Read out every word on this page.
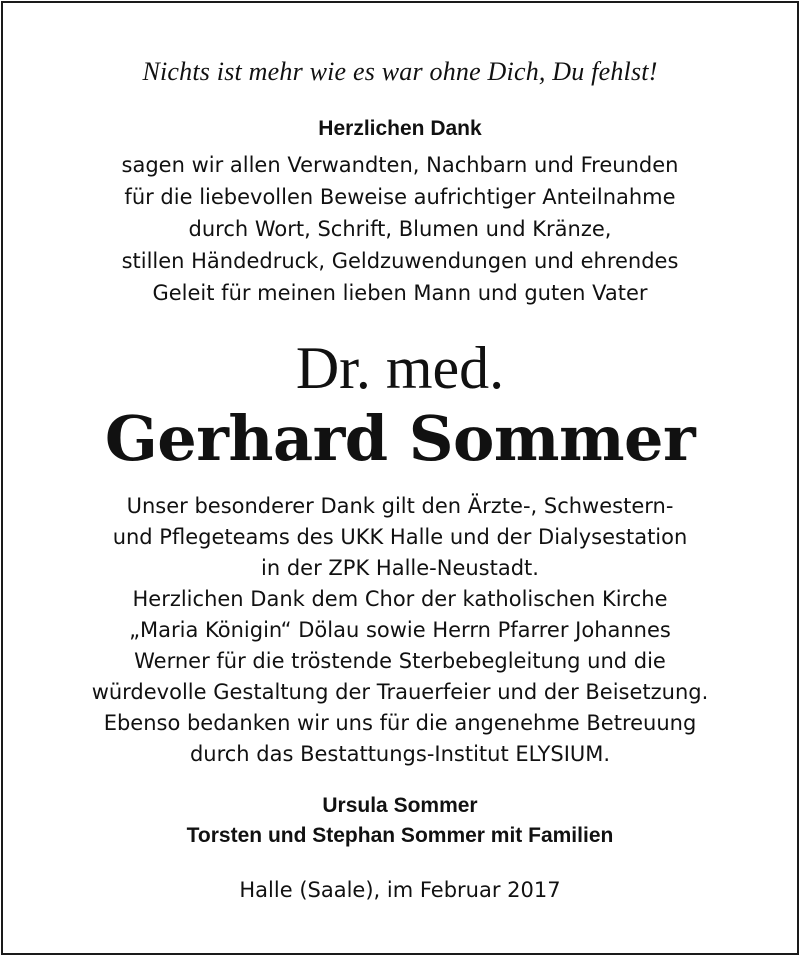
Nichts ist mehr wie es war ohne Dich, Du fehlst!
Herzlichen Dank
sagen wir allen Verwandten, Nachbarn und Freunden
für die liebevollen Beweise aufrichtiger Anteilnahme
durch Wort, Schrift, Blumen und Kränze,
stillen Händedruck, Geldzuwendungen und ehrendes
Geleit für meinen lieben Mann und guten Vater
Dr. med.
Gerhard Sommer
Unser besonderer Dank gilt den Ärzte-, Schwestern-
und Pflegeteams des UKK Halle und der Dialysestation
in der ZPK Halle-Neustadt.
Herzlichen Dank dem Chor der katholischen Kirche
„Maria Königin“ Dölau sowie Herrn Pfarrer Johannes
Werner für die tröstende Sterbebegleitung und die
würdevolle Gestaltung der Trauerfeier und der Beisetzung.
Ebenso bedanken wir uns für die angenehme Betreuung
durch das Bestattungs-Institut ELYSIUM.
Ursula Sommer
Torsten und Stephan Sommer mit Familien
Halle (Saale), im Februar 2017
